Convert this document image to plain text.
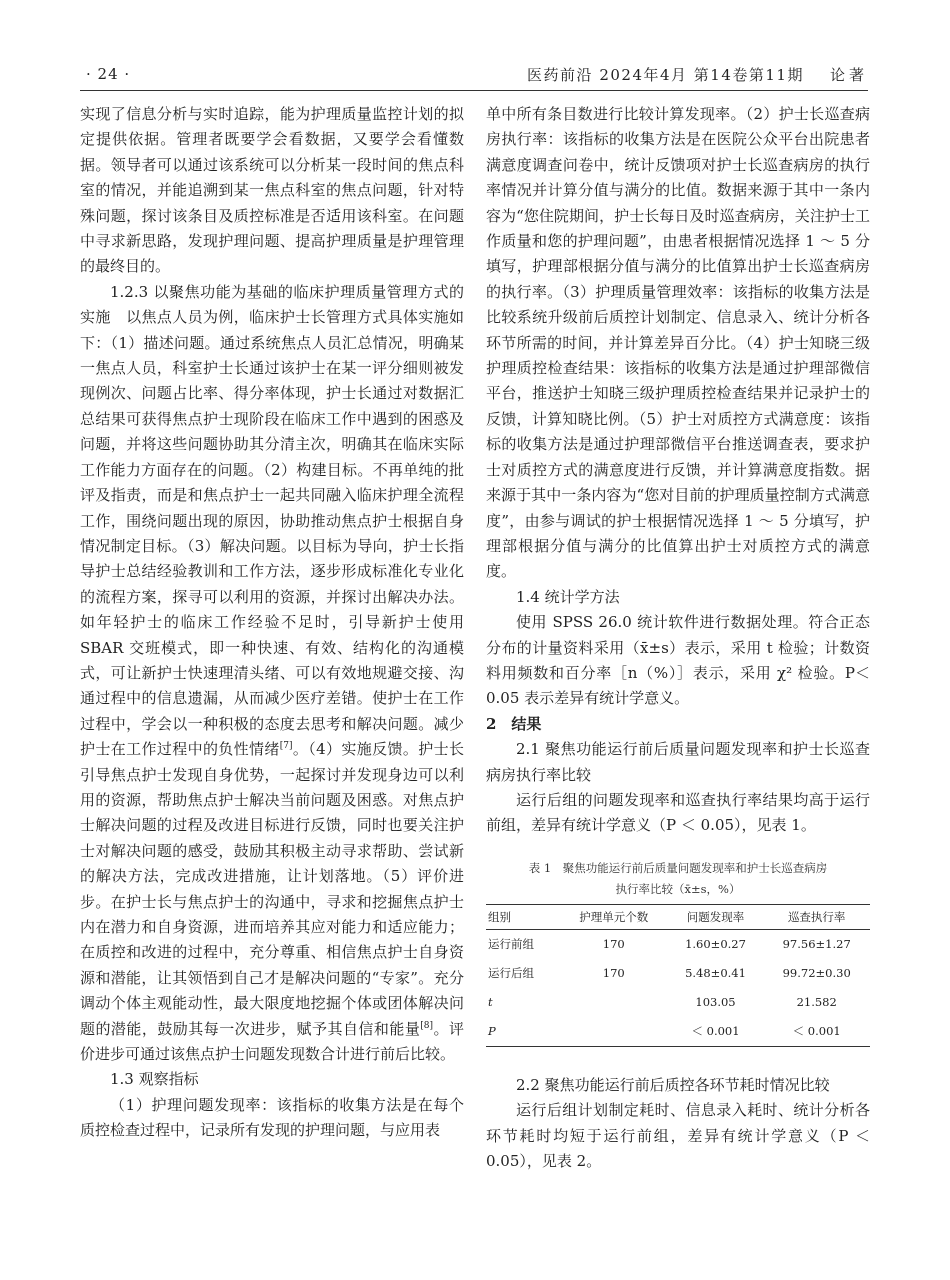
· 24 ·	医药前沿 2024年4月 第14卷第11期 论著

实现了信息分析与实时追踪，能为护理质量监控计划的拟定提供依据。管理者既要学会看数据，又要学会看懂数据。领导者可以通过该系统可以分析某一段时间的焦点科室的情况，并能追溯到某一焦点科室的焦点问题，针对特殊问题，探讨该条目及质控标准是否适用该科室。在问题中寻求新思路，发现护理问题、提高护理质量是护理管理的最终目的。

1.2.3 以聚焦功能为基础的临床护理质量管理方式的实施　以焦点人员为例，临床护士长管理方式具体实施如下：（1）描述问题。通过系统焦点人员汇总情况，明确某一焦点人员，科室护士长通过该护士在某一评分细则被发现例次、问题占比率、得分率体现，护士长通过对数据汇总结果可获得焦点护士现阶段在临床工作中遇到的困惑及问题，并将这些问题协助其分清主次，明确其在临床实际工作能力方面存在的问题。（2）构建目标。不再单纯的批评及指责，而是和焦点护士一起共同融入临床护理全流程工作，围绕问题出现的原因，协助推动焦点护士根据自身情况制定目标。（3）解决问题。以目标为导向，护士长指导护士总结经验教训和工作方法，逐步形成标准化专业化的流程方案，探寻可以利用的资源，并探讨出解决办法。如年轻护士的临床工作经验不足时，引导新护士使用 SBAR 交班模式，即一种快速、有效、结构化的沟通模式，可让新护士快速理清头绪、可以有效地规避交接、沟通过程中的信息遗漏，从而减少医疗差错。使护士在工作过程中，学会以一种积极的态度去思考和解决问题。减少护士在工作过程中的负性情绪[7]。（4）实施反馈。护士长引导焦点护士发现自身优势，一起探讨并发现身边可以利用的资源，帮助焦点护士解决当前问题及困惑。对焦点护士解决问题的过程及改进目标进行反馈，同时也要关注护士对解决问题的感受，鼓励其积极主动寻求帮助、尝试新的解决方法，完成改进措施，让计划落地。（5）评价进步。在护士长与焦点护士的沟通中，寻求和挖掘焦点护士内在潜力和自身资源，进而培养其应对能力和适应能力；在质控和改进的过程中，充分尊重、相信焦点护士自身资源和潜能，让其领悟到自己才是解决问题的“专家”。充分调动个体主观能动性，最大限度地挖掘个体或团体解决问题的潜能，鼓励其每一次进步，赋予其自信和能量[8]。评价进步可通过该焦点护士问题发现数合计进行前后比较。

1.3 观察指标

（1）护理问题发现率：该指标的收集方法是在每个质控检查过程中，记录所有发现的护理问题，与应用表

单中所有条目数进行比较计算发现率。（2）护士长巡查病房执行率：该指标的收集方法是在医院公众平台出院患者满意度调查问卷中，统计反馈项对护士长巡查病房的执行率情况并计算分值与满分的比值。数据来源于其中一条内容为“您住院期间，护士长每日及时巡查病房，关注护士工作质量和您的护理问题”，由患者根据情况选择 1 ～ 5 分填写，护理部根据分值与满分的比值算出护士长巡查病房的执行率。（3）护理质量管理效率：该指标的收集方法是比较系统升级前后质控计划制定、信息录入、统计分析各环节所需的时间，并计算差异百分比。（4）护士知晓三级护理质控检查结果：该指标的收集方法是通过护理部微信平台，推送护士知晓三级护理质控检查结果并记录护士的反馈，计算知晓比例。（5）护士对质控方式满意度：该指标的收集方法是通过护理部微信平台推送调查表，要求护士对质控方式的满意度进行反馈，并计算满意度指数。据来源于其中一条内容为“您对目前的护理质量控制方式满意度”，由参与调试的护士根据情况选择 1 ～ 5 分填写，护理部根据分值与满分的比值算出护士对质控方式的满意度。

1.4 统计学方法

使用 SPSS 26.0 统计软件进行数据处理。符合正态分布的计量资料采用（x̄±s）表示，采用 t 检验；计数资料用频数和百分率［n（%）］表示，采用 χ² 检验。P＜0.05 表示差异有统计学意义。

2　结果

2.1 聚焦功能运行前后质量问题发现率和护士长巡查病房执行率比较

运行后组的问题发现率和巡查执行率结果均高于运行前组，差异有统计学意义（P ＜ 0.05），见表 1。

表 1　聚焦功能运行前后质量问题发现率和护士长巡查病房
执行率比较（x̄±s，%）
组别	护理单元个数	问题发现率	巡查执行率
运行前组	170	1.60±0.27	97.56±1.27
运行后组	170	5.48±0.41	99.72±0.30
t		103.05	21.582
P		＜ 0.001	＜ 0.001

2.2 聚焦功能运行前后质控各环节耗时情况比较

运行后组计划制定耗时、信息录入耗时、统计分析各环节耗时均短于运行前组，差异有统计学意义（P ＜ 0.05），见表 2。
